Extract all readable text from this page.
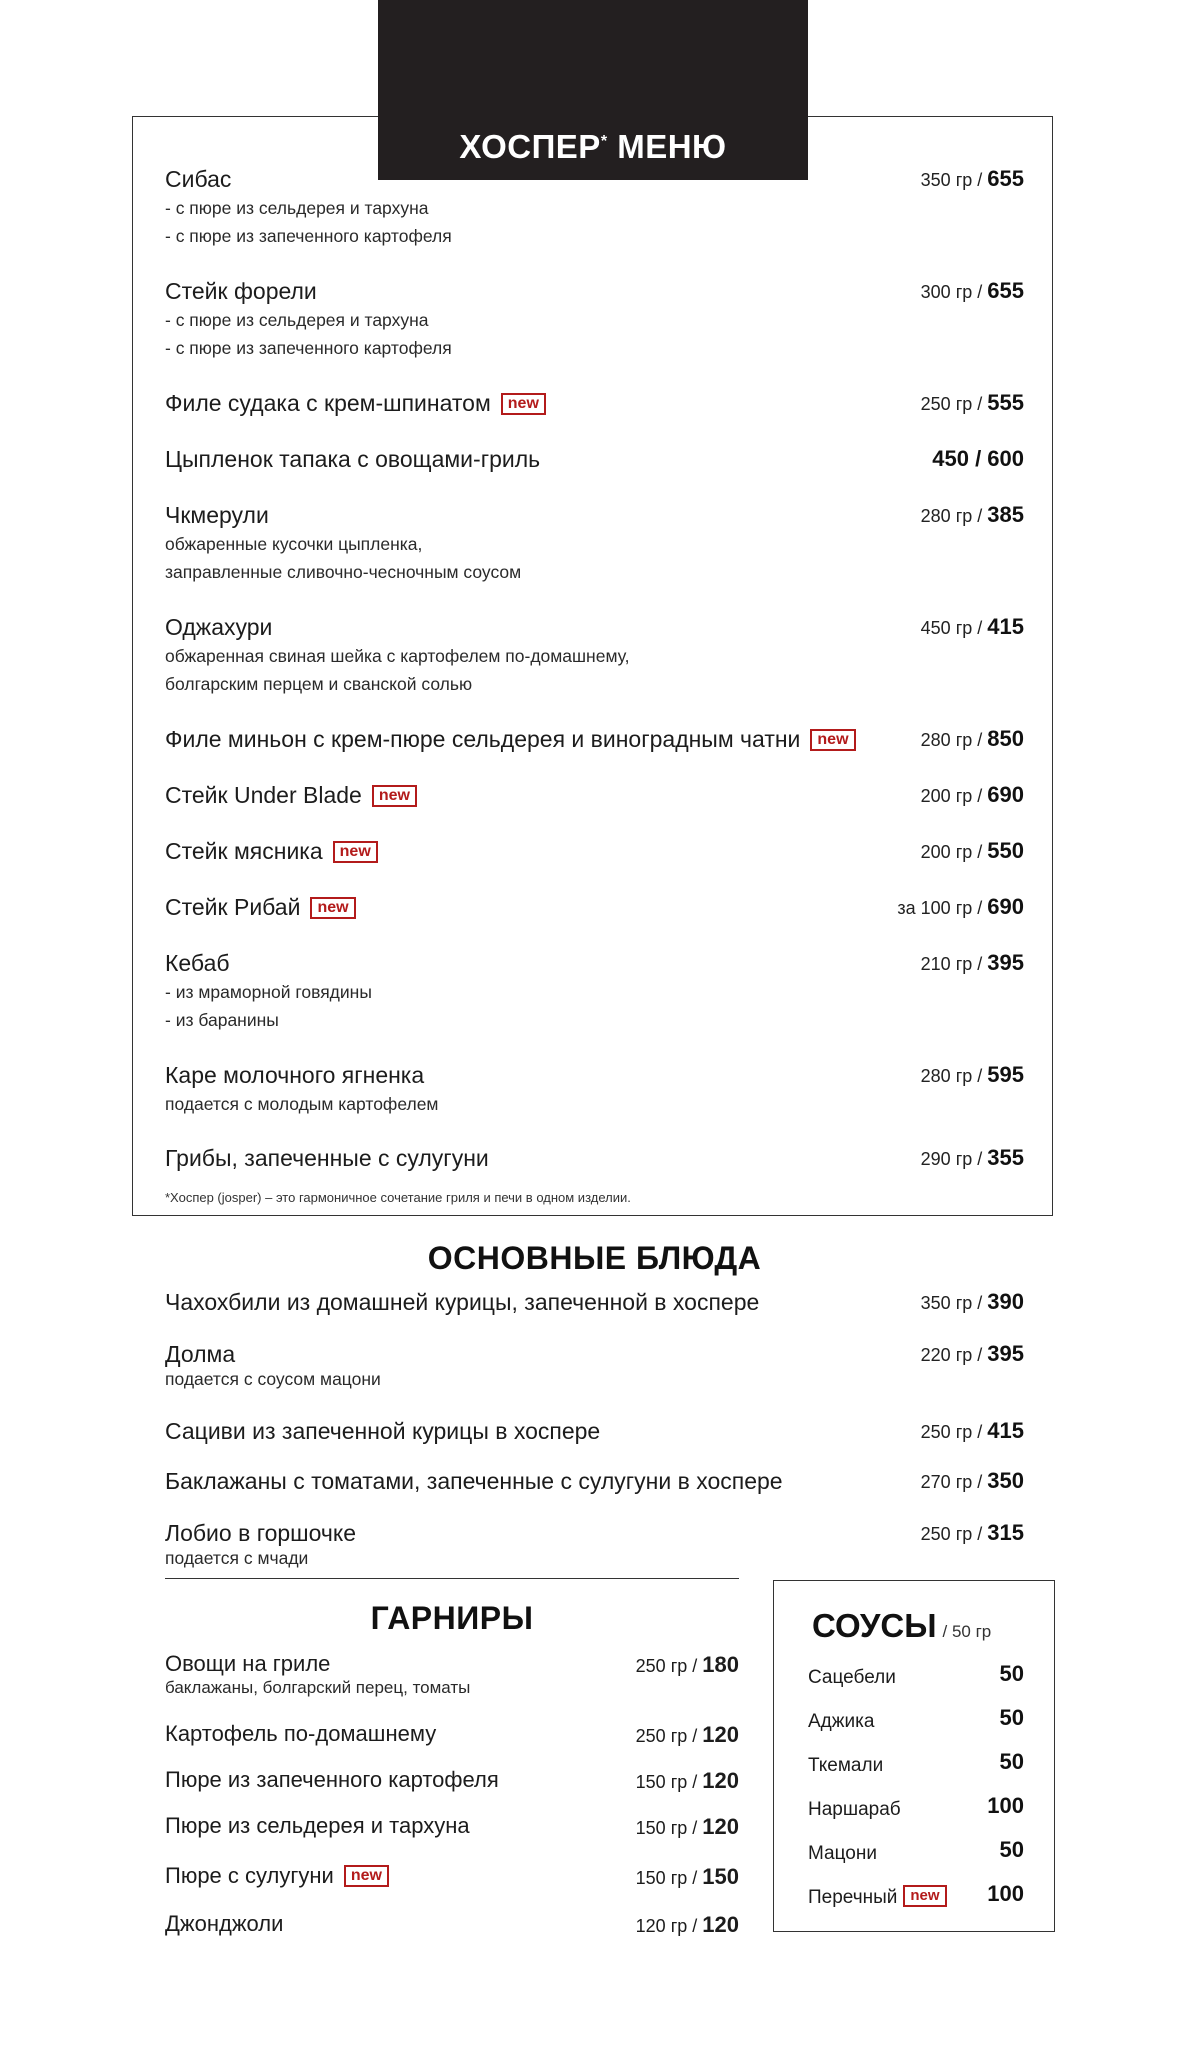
ХОСПЕР* МЕНЮ
Сибас
- с пюре из сельдерея и тархуна
- с пюре из запеченного картофеля
350 гр / 655
Стейк форели
- с пюре из сельдерея и тархуна
- с пюре из запеченного картофеля
300 гр / 655
Филе судака с крем-шпинатом new	250 гр / 555
Цыпленок тапака с овощами-гриль	450 / 600
Чкмерули
обжаренные кусочки цыпленка,
заправленные сливочно-чесночным соусом
280 гр / 385
Оджахури
обжаренная свиная шейка с картофелем по-домашнему,
болгарским перцем и сванской солью
450 гр / 415
Филе миньон с крем-пюре сельдерея и виноградным чатни new	280 гр / 850
Стейк Under Blade new	200 гр / 690
Стейк мясника new	200 гр / 550
Стейк Рибай new	за 100 гр / 690
Кебаб
- из мраморной говядины
- из баранины
210 гр / 395
Каре молочного ягненка
подается с молодым картофелем
280 гр / 595
Грибы, запеченные с сулугуни	290 гр / 355
*Хоспер (josper) – это гармоничное сочетание гриля и печи в одном изделии.
ОСНОВНЫЕ БЛЮДА
Чахохбили из домашней курицы, запеченной в хоспере	350 гр / 390
Долма
подается с соусом мацони
220 гр / 395
Сациви из запеченной курицы в хоспере	250 гр / 415
Баклажаны с томатами, запеченные с сулугуни в хоспере	270 гр / 350
Лобио в горшочке
подается с мчади
250 гр / 315
ГАРНИРЫ
Овощи на гриле
баклажаны, болгарский перец, томаты
250 гр / 180
Картофель по-домашнему	250 гр / 120
Пюре из запеченного картофеля	150 гр / 120
Пюре из сельдерея и тархуна	150 гр / 120
Пюре с сулугуни new	150 гр / 150
Джонджоли	120 гр / 120
СОУСЫ / 50 гр
Сацебели	50
Аджика	50
Ткемали	50
Наршараб	100
Мацони	50
Перечный new	100
